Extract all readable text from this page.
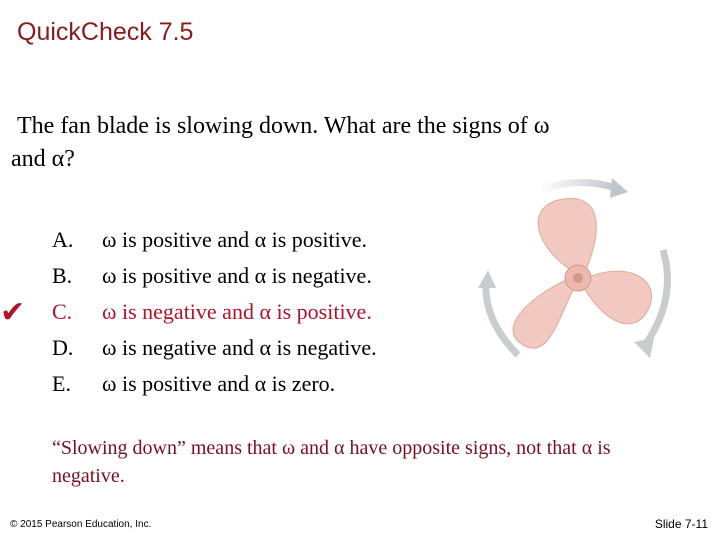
QuickCheck 7.5
The fan blade is slowing down. What are the signs of ω
and α?
✔
A. ω is positive and α is positive.
B. ω is positive and α is negative.
C. ω is negative and α is positive.
D. ω is negative and α is negative.
E. ω is positive and α is zero.
“Slowing down” means that ω and α have opposite signs, not that α is negative.
© 2015 Pearson Education, Inc.	Slide 7-11
